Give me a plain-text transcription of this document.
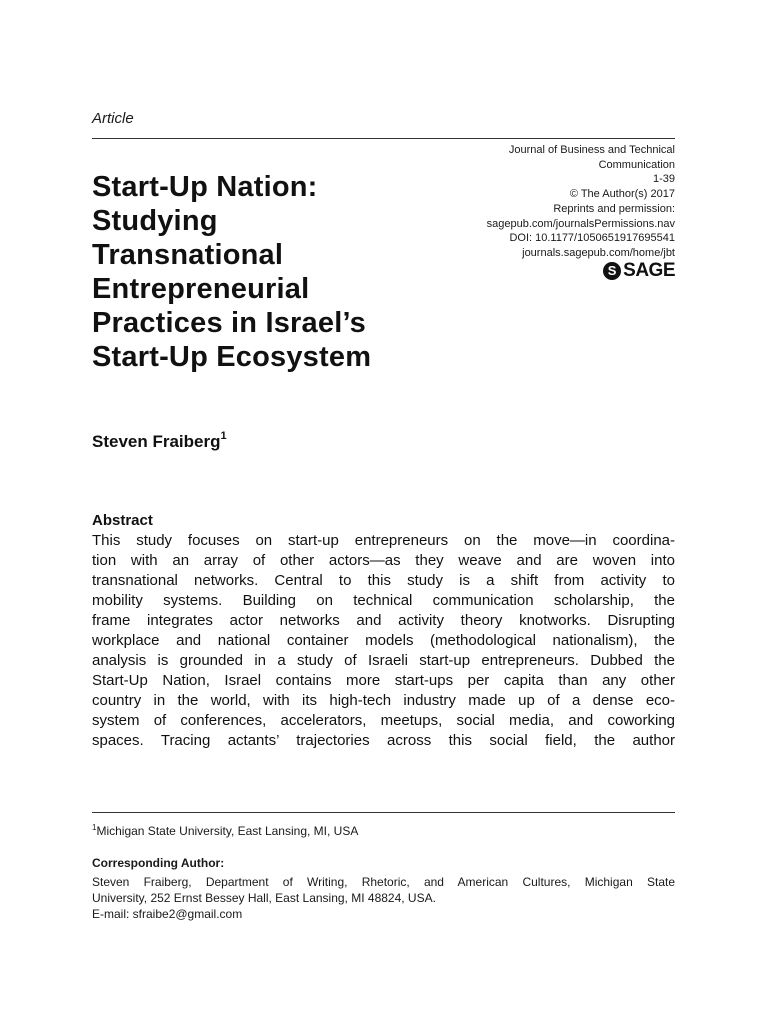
Article
Start-Up Nation:
Studying
Transnational
Entrepreneurial
Practices in Israel’s
Start-Up Ecosystem
Journal of Business and Technical
Communication
1-39
© The Author(s) 2017
Reprints and permission:
sagepub.com/journalsPermissions.nav
DOI: 10.1177/1050651917695541
journals.sagepub.com/home/jbt
S SAGE
Steven Fraiberg$^1$
Abstract
This study focuses on start-up entrepreneurs on the move—in coordina-
tion with an array of other actors—as they weave and are woven into
transnational networks. Central to this study is a shift from activity to
mobility systems. Building on technical communication scholarship, the
frame integrates actor networks and activity theory knotworks. Disrupting
workplace and national container models (methodological nationalism), the
analysis is grounded in a study of Israeli start-up entrepreneurs. Dubbed the
Start-Up Nation, Israel contains more start-ups per capita than any other
country in the world, with its high-tech industry made up of a dense eco-
system of conferences, accelerators, meetups, social media, and coworking
spaces. Tracing actants’ trajectories across this social field, the author
$^1$Michigan State University, East Lansing, MI, USA
Corresponding Author:
Steven Fraiberg, Department of Writing, Rhetoric, and American Cultures, Michigan State
University, 252 Ernst Bessey Hall, East Lansing, MI 48824, USA.
E-mail: sfraibe2@gmail.com
